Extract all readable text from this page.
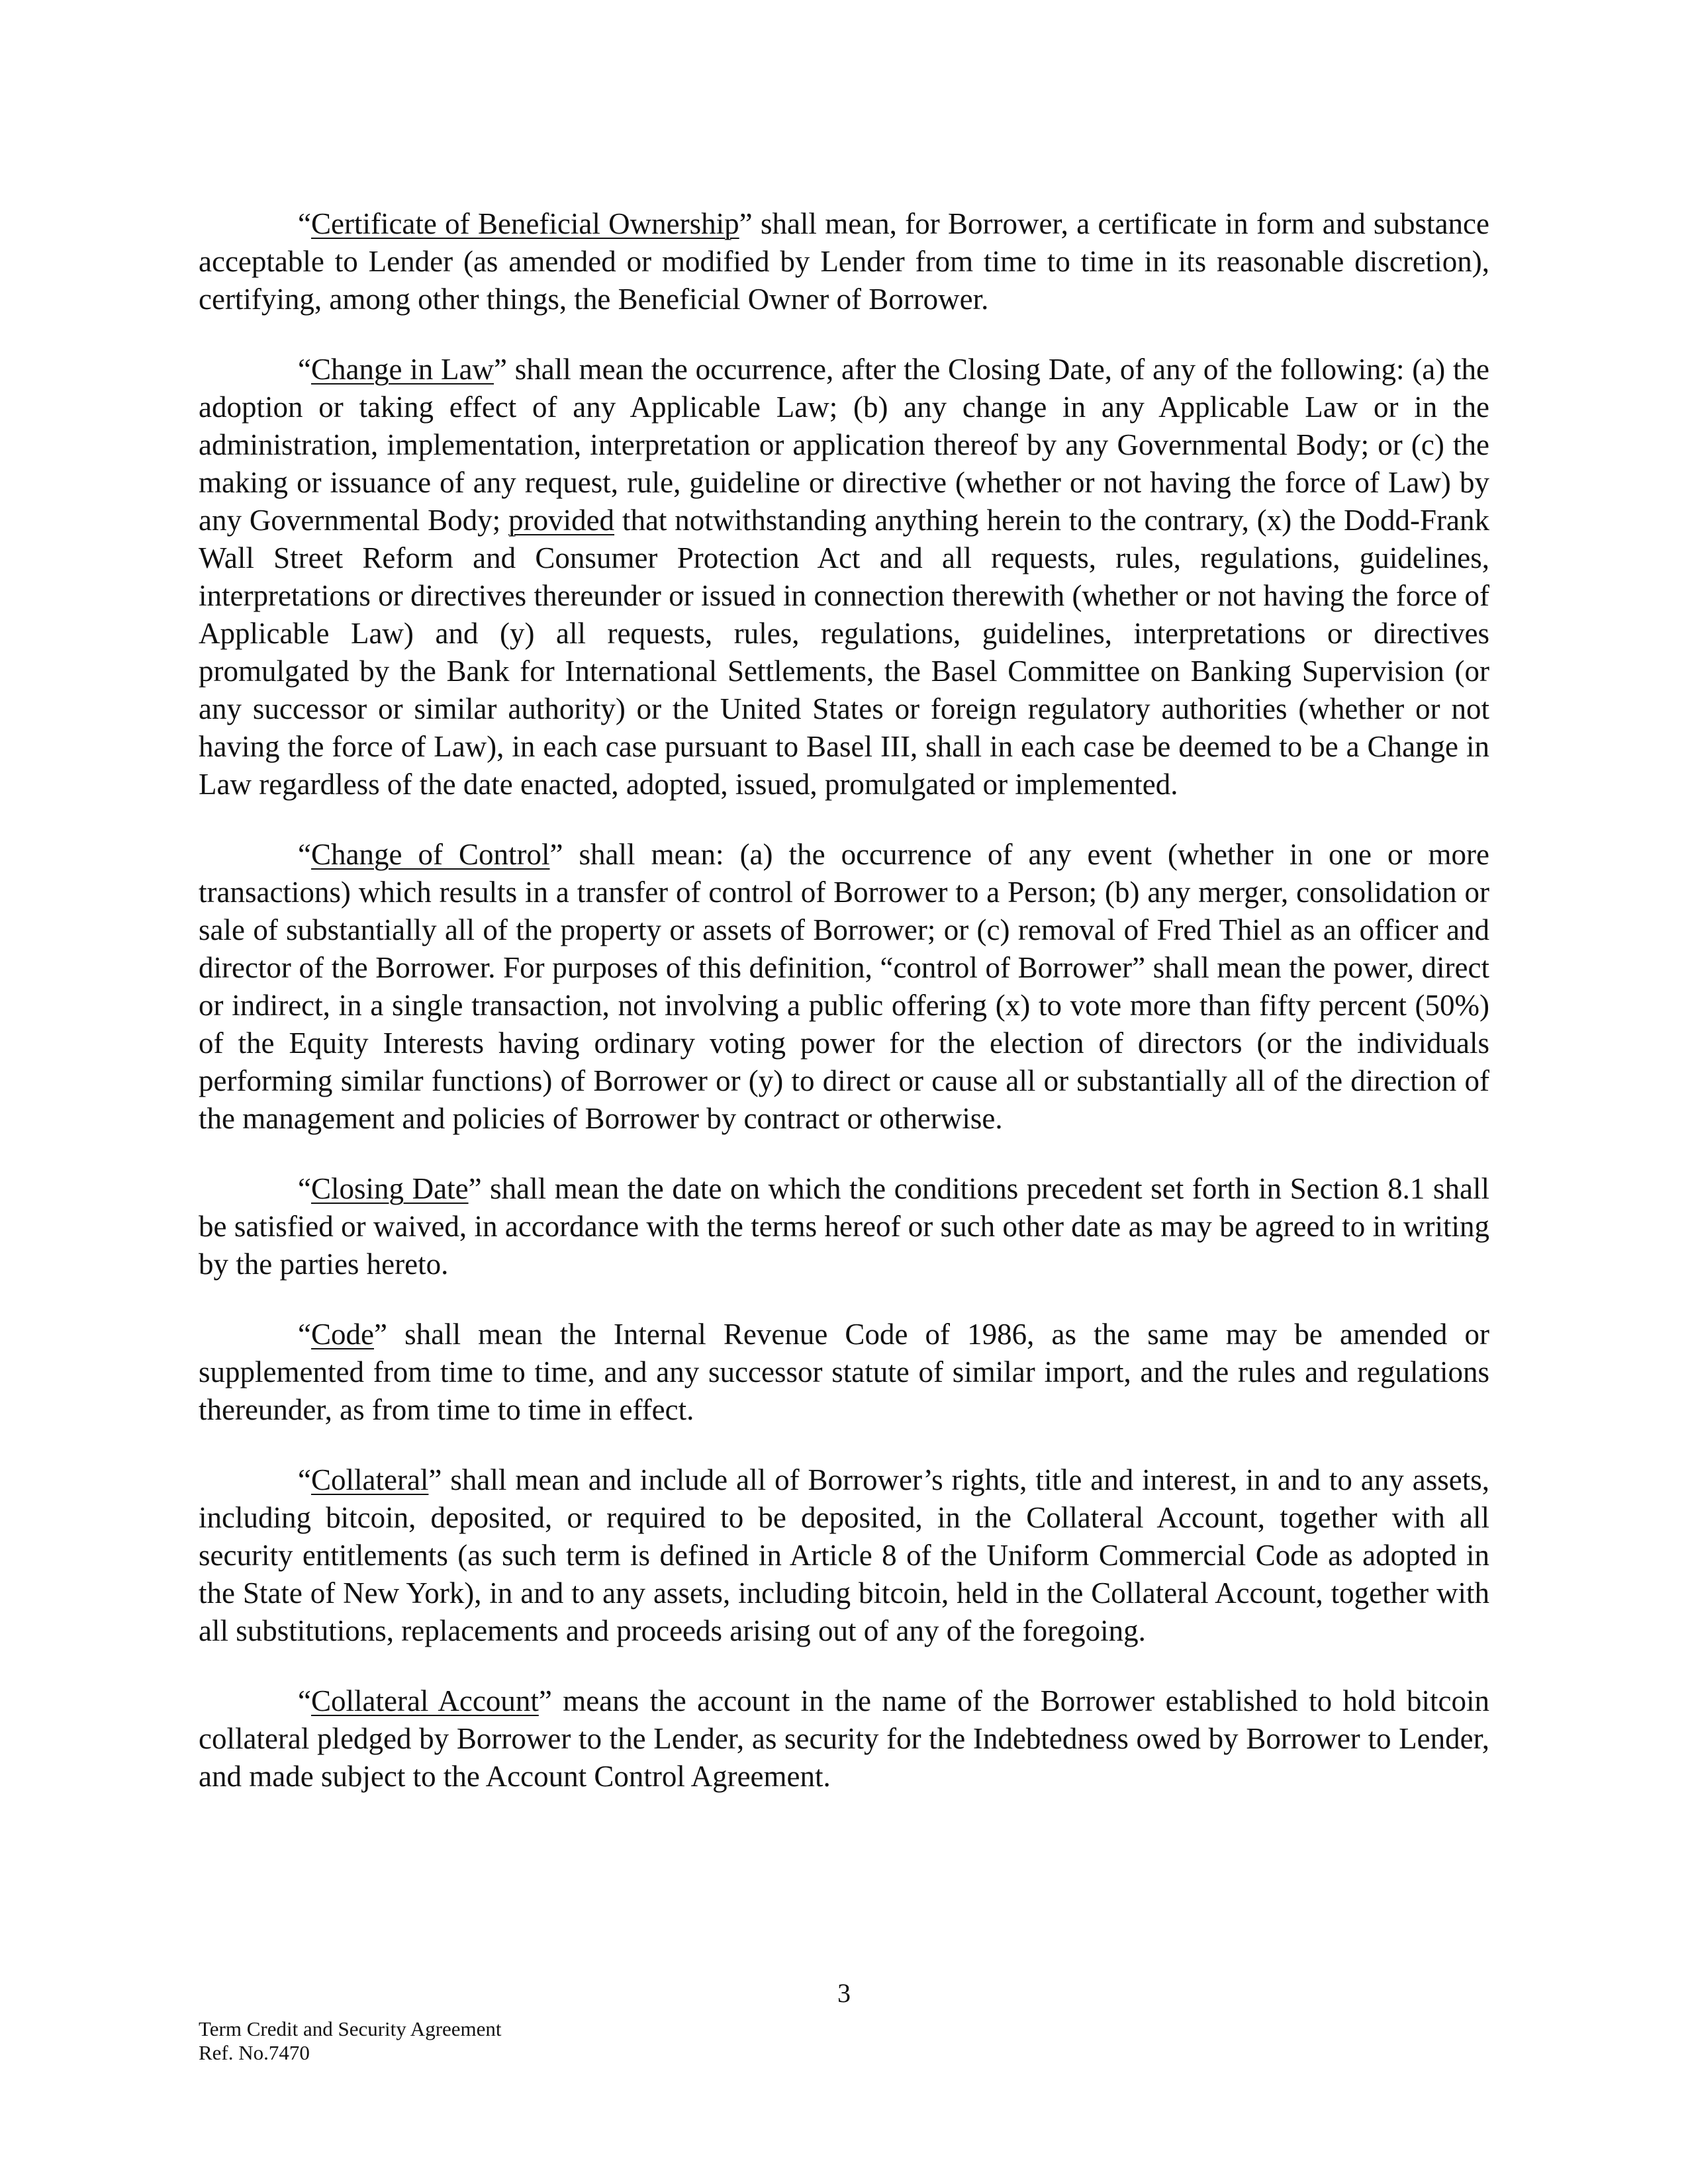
“Certificate of Beneficial Ownership” shall mean, for Borrower, a certificate in form and substance acceptable to Lender (as amended or modified by Lender from time to time in its reasonable discretion), certifying, among other things, the Beneficial Owner of Borrower.

“Change in Law” shall mean the occurrence, after the Closing Date, of any of the following: (a) the adoption or taking effect of any Applicable Law; (b) any change in any Applicable Law or in the administration, implementation, interpretation or application thereof by any Governmental Body; or (c) the making or issuance of any request, rule, guideline or directive (whether or not having the force of Law) by any Governmental Body; provided that notwithstanding anything herein to the contrary, (x) the Dodd-Frank Wall Street Reform and Consumer Protection Act and all requests, rules, regulations, guidelines, interpretations or directives thereunder or issued in connection therewith (whether or not having the force of Applicable Law) and (y) all requests, rules, regulations, guidelines, interpretations or directives promulgated by the Bank for International Settlements, the Basel Committee on Banking Supervision (or any successor or similar authority) or the United States or foreign regulatory authorities (whether or not having the force of Law), in each case pursuant to Basel III, shall in each case be deemed to be a Change in Law regardless of the date enacted, adopted, issued, promulgated or implemented.

“Change of Control” shall mean: (a) the occurrence of any event (whether in one or more transactions) which results in a transfer of control of Borrower to a Person; (b) any merger, consolidation or sale of substantially all of the property or assets of Borrower; or (c) removal of Fred Thiel as an officer and director of the Borrower. For purposes of this definition, “control of Borrower” shall mean the power, direct or indirect, in a single transaction, not involving a public offering (x) to vote more than fifty percent (50%) of the Equity Interests having ordinary voting power for the election of directors (or the individuals performing similar functions) of Borrower or (y) to direct or cause all or substantially all of the direction of the management and policies of Borrower by contract or otherwise.

“Closing Date” shall mean the date on which the conditions precedent set forth in Section 8.1 shall be satisfied or waived, in accordance with the terms hereof or such other date as may be agreed to in writing by the parties hereto.

“Code” shall mean the Internal Revenue Code of 1986, as the same may be amended or supplemented from time to time, and any successor statute of similar import, and the rules and regulations thereunder, as from time to time in effect.

“Collateral” shall mean and include all of Borrower’s rights, title and interest, in and to any assets, including bitcoin, deposited, or required to be deposited, in the Collateral Account, together with all security entitlements (as such term is defined in Article 8 of the Uniform Commercial Code as adopted in the State of New York), in and to any assets, including bitcoin, held in the Collateral Account, together with all substitutions, replacements and proceeds arising out of any of the foregoing.

“Collateral Account” means the account in the name of the Borrower established to hold bitcoin collateral pledged by Borrower to the Lender, as security for the Indebtedness owed by Borrower to Lender, and made subject to the Account Control Agreement.

3
Term Credit and Security Agreement
Ref. No.7470
